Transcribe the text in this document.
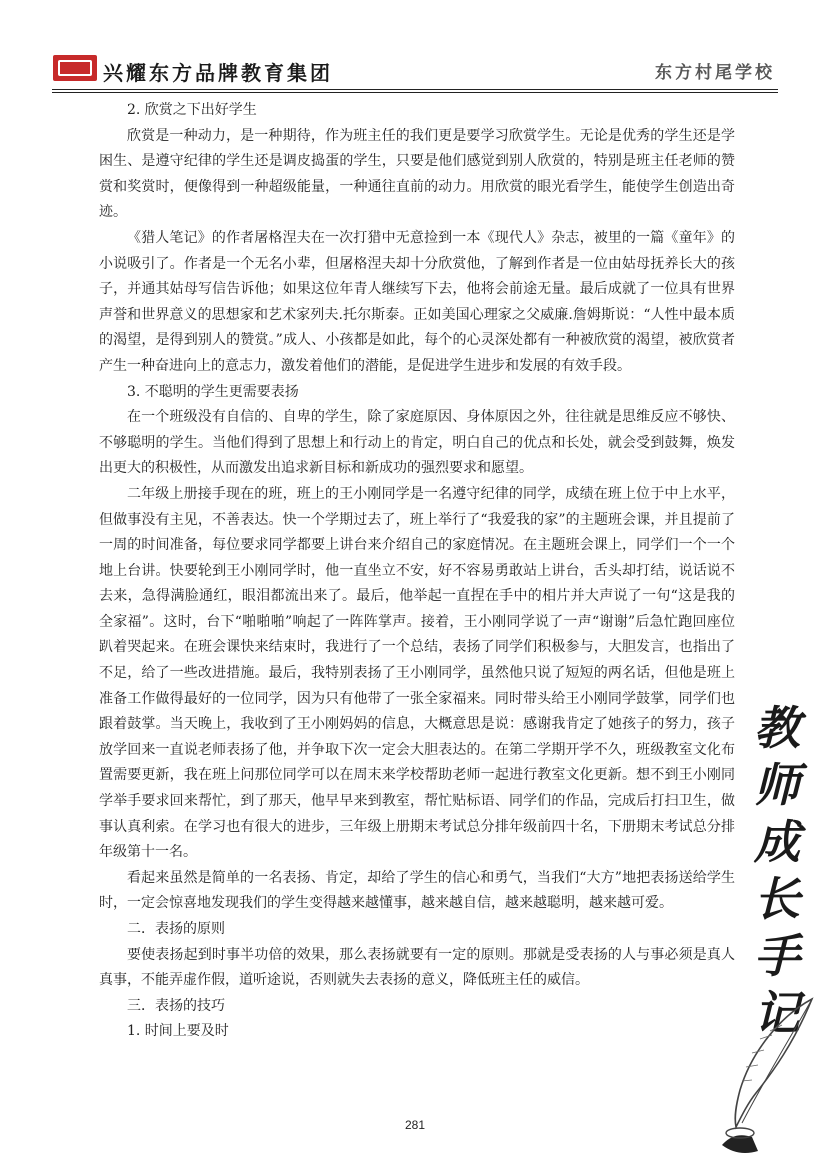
兴耀东方品牌教育集团	东方村尾学校

2. 欣赏之下出好学生

欣赏是一种动力，是一种期待，作为班主任的我们更是要学习欣赏学生。无论是优秀的学生还是学困生、是遵守纪律的学生还是调皮捣蛋的学生，只要是他们感觉到别人欣赏的，特别是班主任老师的赞赏和奖赏时，便像得到一种超级能量，一种通往直前的动力。用欣赏的眼光看学生，能使学生创造出奇迹。

《猎人笔记》的作者屠格涅夫在一次打猎中无意捡到一本《现代人》杂志，被里的一篇《童年》的小说吸引了。作者是一个无名小辈，但屠格涅夫却十分欣赏他，了解到作者是一位由姑母抚养长大的孩子，并通其姑母写信告诉他；如果这位年青人继续写下去，他将会前途无量。最后成就了一位具有世界声誉和世界意义的思想家和艺术家列夫.托尔斯泰。正如美国心理家之父威廉.詹姆斯说：“人性中最本质的渴望，是得到别人的赞赏。”成人、小孩都是如此，每个的心灵深处都有一种被欣赏的渴望，被欣赏者产生一种奋进向上的意志力，激发着他们的潜能，是促进学生进步和发展的有效手段。

3. 不聪明的学生更需要表扬

在一个班级没有自信的、自卑的学生，除了家庭原因、身体原因之外，往往就是思维反应不够快、不够聪明的学生。当他们得到了思想上和行动上的肯定，明白自己的优点和长处，就会受到鼓舞，焕发出更大的积极性，从而激发出追求新目标和新成功的强烈要求和愿望。

二年级上册接手现在的班，班上的王小刚同学是一名遵守纪律的同学，成绩在班上位于中上水平，但做事没有主见，不善表达。快一个学期过去了，班上举行了“我爱我的家”的主题班会课，并且提前了一周的时间准备，每位要求同学都要上讲台来介绍自己的家庭情况。在主题班会课上，同学们一个一个地上台讲。快要轮到王小刚同学时，他一直坐立不安，好不容易勇敢站上讲台，舌头却打结，说话说不去来，急得满脸通红，眼泪都流出来了。最后，他举起一直捏在手中的相片并大声说了一句“这是我的全家福”。这时，台下“啪啪啪”响起了一阵阵掌声。接着，王小刚同学说了一声“谢谢”后急忙跑回座位趴着哭起来。在班会课快来结束时，我进行了一个总结，表扬了同学们积极参与，大胆发言，也指出了不足，给了一些改进措施。最后，我特别表扬了王小刚同学，虽然他只说了短短的两名话，但他是班上准备工作做得最好的一位同学，因为只有他带了一张全家福来。同时带头给王小刚同学鼓掌，同学们也跟着鼓掌。当天晚上，我收到了王小刚妈妈的信息，大概意思是说：感谢我肯定了她孩子的努力，孩子放学回来一直说老师表扬了他，并争取下次一定会大胆表达的。在第二学期开学不久，班级教室文化布置需要更新，我在班上问那位同学可以在周末来学校帮助老师一起进行教室文化更新。想不到王小刚同学举手要求回来帮忙，到了那天，他早早来到教室，帮忙贴标语、同学们的作品，完成后打扫卫生，做事认真利索。在学习也有很大的进步，三年级上册期末考试总分排年级前四十名，下册期末考试总分排年级第十一名。

看起来虽然是简单的一名表扬、肯定，却给了学生的信心和勇气，当我们“大方”地把表扬送给学生时，一定会惊喜地发现我们的学生变得越来越懂事，越来越自信，越来越聪明，越来越可爱。

二．表扬的原则

要使表扬起到时事半功倍的效果，那么表扬就要有一定的原则。那就是受表扬的人与事必须是真人真事，不能弄虚作假，道听途说，否则就失去表扬的意义，降低班主任的威信。

三．表扬的技巧

1. 时间上要及时

教
师
成
长
手
记
281
